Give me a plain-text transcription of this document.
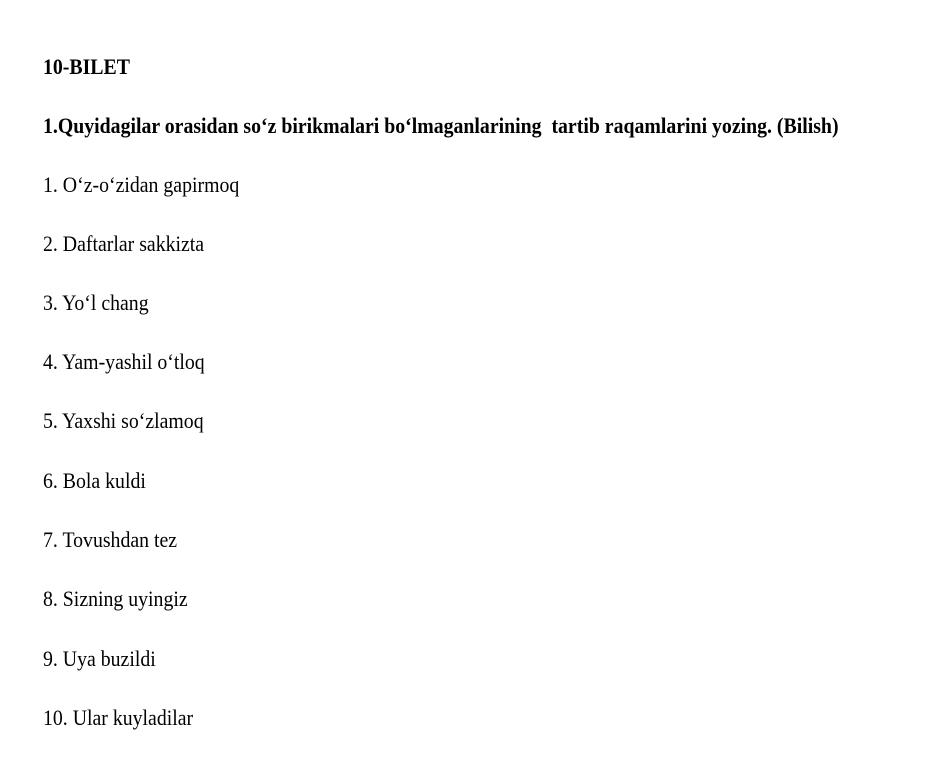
10-BILET
1.Quyidagilar orasidan so‘z birikmalari bo‘lmaganlarining  tartib raqamlarini yozing. (Bilish)
1. O‘z-o‘zidan gapirmoq
2. Daftarlar sakkizta
3. Yo‘l chang
4. Yam-yashil o‘tloq
5. Yaxshi so‘zlamoq
6. Bola kuldi
7. Tovushdan tez
8. Sizning uyingiz
9. Uya buzildi
10. Ular kuyladilar
